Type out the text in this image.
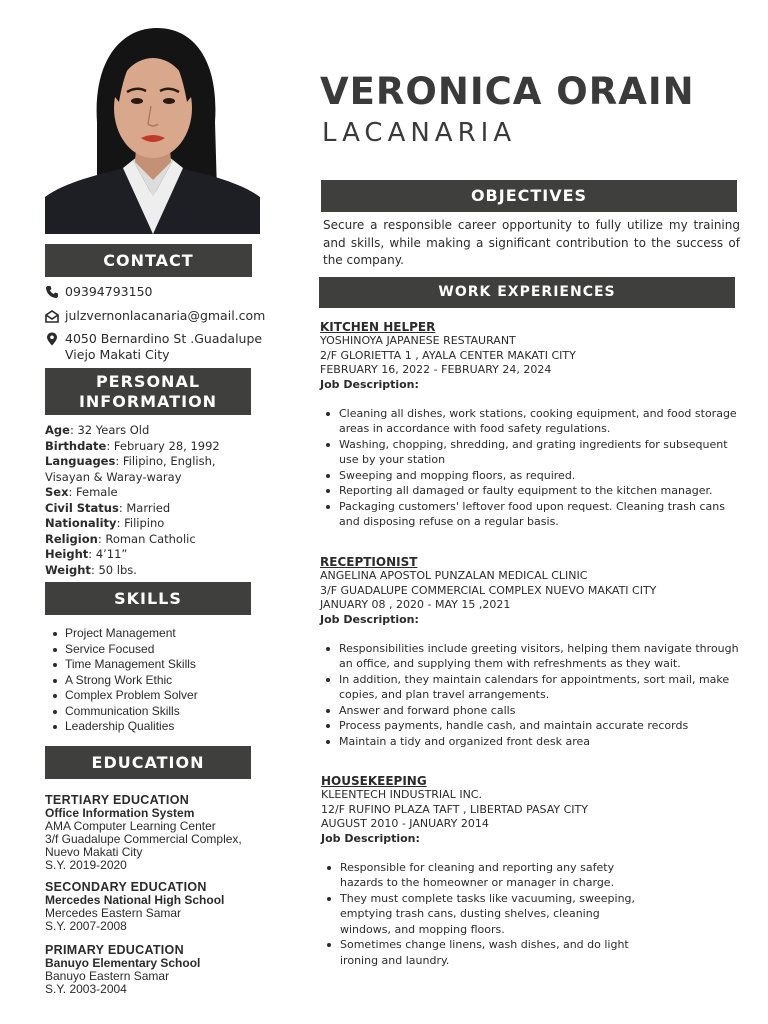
VERONICA ORAIN
LACANARIA
CONTACT
09394793150
julzvernonlacanaria@gmail.com
4050 Bernardino St .Guadalupe
Viejo Makati City
PERSONAL
INFORMATION
Age: 32 Years Old
Birthdate: February 28, 1992
Languages: Filipino, English,
Visayan & Waray-waray
Sex: Female
Civil Status: Married
Nationality: Filipino
Religion: Roman Catholic
Height: 4’11”
Weight: 50 lbs.
SKILLS
Project Management
Service Focused
Time Management Skills
A Strong Work Ethic
Complex Problem Solver
Communication Skills
Leadership Qualities
EDUCATION
TERTIARY EDUCATION
Office Information System
AMA Computer Learning Center
3/f Guadalupe Commercial Complex,
Nuevo Makati City
S.Y. 2019-2020
SECONDARY EDUCATION
Mercedes National High School
Mercedes Eastern Samar
S.Y. 2007-2008
PRIMARY EDUCATION
Banuyo Elementary School
Banuyo Eastern Samar
S.Y. 2003-2004
OBJECTIVES
Secure a responsible career opportunity to fully utilize my training and skills, while making a significant contribution to the success of the company.
WORK EXPERIENCES
KITCHEN HELPER
YOSHINOYA JAPANESE RESTAURANT
2/F GLORIETTA 1 , AYALA CENTER MAKATI CITY
FEBRUARY 16, 2022 - FEBRUARY 24, 2024
Job Description:
Cleaning all dishes, work stations, cooking equipment, and food storage areas in accordance with food safety regulations.
Washing, chopping, shredding, and grating ingredients for subsequent use by your station
Sweeping and mopping floors, as required.
Reporting all damaged or faulty equipment to the kitchen manager.
Packaging customers' leftover food upon request. Cleaning trash cans and disposing refuse on a regular basis.
RECEPTIONIST
ANGELINA APOSTOL PUNZALAN MEDICAL CLINIC
3/F GUADALUPE COMMERCIAL COMPLEX NUEVO MAKATI CITY
JANUARY 08 , 2020 - MAY 15 ,2021
Job Description:
Responsibilities include greeting visitors, helping them navigate through an office, and supplying them with refreshments as they wait.
In addition, they maintain calendars for appointments, sort mail, make copies, and plan travel arrangements.
Answer and forward phone calls
Process payments, handle cash, and maintain accurate records
Maintain a tidy and organized front desk area
HOUSEKEEPING
KLEENTECH INDUSTRIAL INC.
12/F RUFINO PLAZA TAFT , LIBERTAD PASAY CITY
AUGUST 2010 - JANUARY 2014
Job Description:
Responsible for cleaning and reporting any safety hazards to the homeowner or manager in charge.
They must complete tasks like vacuuming, sweeping, emptying trash cans, dusting shelves, cleaning windows, and mopping floors.
Sometimes change linens, wash dishes, and do light ironing and laundry.
